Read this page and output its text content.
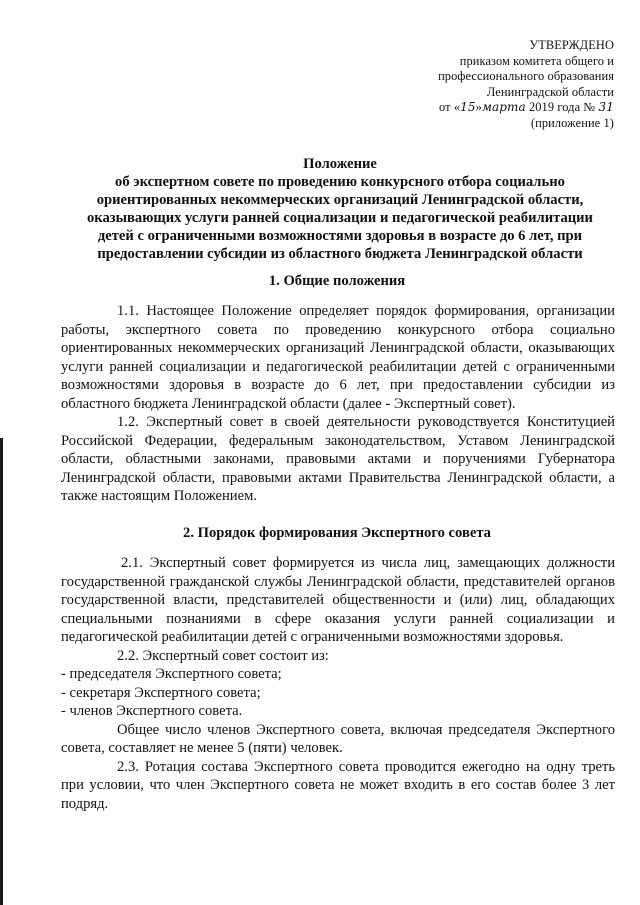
УТВЕРЖДЕНО
приказом комитета общего и
профессионального образования
Ленинградской области
от «15»марта 2019 года № 31
(приложение 1)
Положение
об экспертном совете по проведению конкурсного отбора социально
ориентированных некоммерческих организаций Ленинградской области,
оказывающих услуги ранней социализации и педагогической реабилитации
детей с ограниченными возможностями здоровья в возрасте до 6 лет, при
предоставлении субсидии из областного бюджета Ленинградской области
1. Общие положения

1.1. Настоящее Положение определяет порядок формирования, организации работы, экспертного совета по проведению конкурсного отбора социально ориентированных некоммерческих организаций Ленинградской области, оказывающих услуги ранней социализации и педагогической реабилитации детей с ограниченными возможностями здоровья в возрасте до 6 лет, при предоставлении субсидии из областного бюджета Ленинградской области (далее - Экспертный совет).

1.2. Экспертный совет в своей деятельности руководствуется Конституцией Российской Федерации, федеральным законодательством, Уставом Ленинградской области, областными законами, правовыми актами и поручениями Губернатора Ленинградской области, правовыми актами Правительства Ленинградской области, а также настоящим Положением.

2. Порядок формирования Экспертного совета

2.1. Экспертный совет формируется из числа лиц, замещающих должности государственной гражданской службы Ленинградской области, представителей органов государственной власти, представителей общественности и (или) лиц, обладающих специальными познаниями в сфере оказания услуги ранней социализации и педагогической реабилитации детей с ограниченными возможностями здоровья.

2.2. Экспертный совет состоит из:

- председателя Экспертного совета;

- секретаря Экспертного совета;

- членов Экспертного совета.

Общее число членов Экспертного совета, включая председателя Экспертного совета, составляет не менее 5 (пяти) человек.

2.3. Ротация состава Экспертного совета проводится ежегодно на одну треть при условии, что член Экспертного совета не может входить в его состав более 3 лет подряд.
